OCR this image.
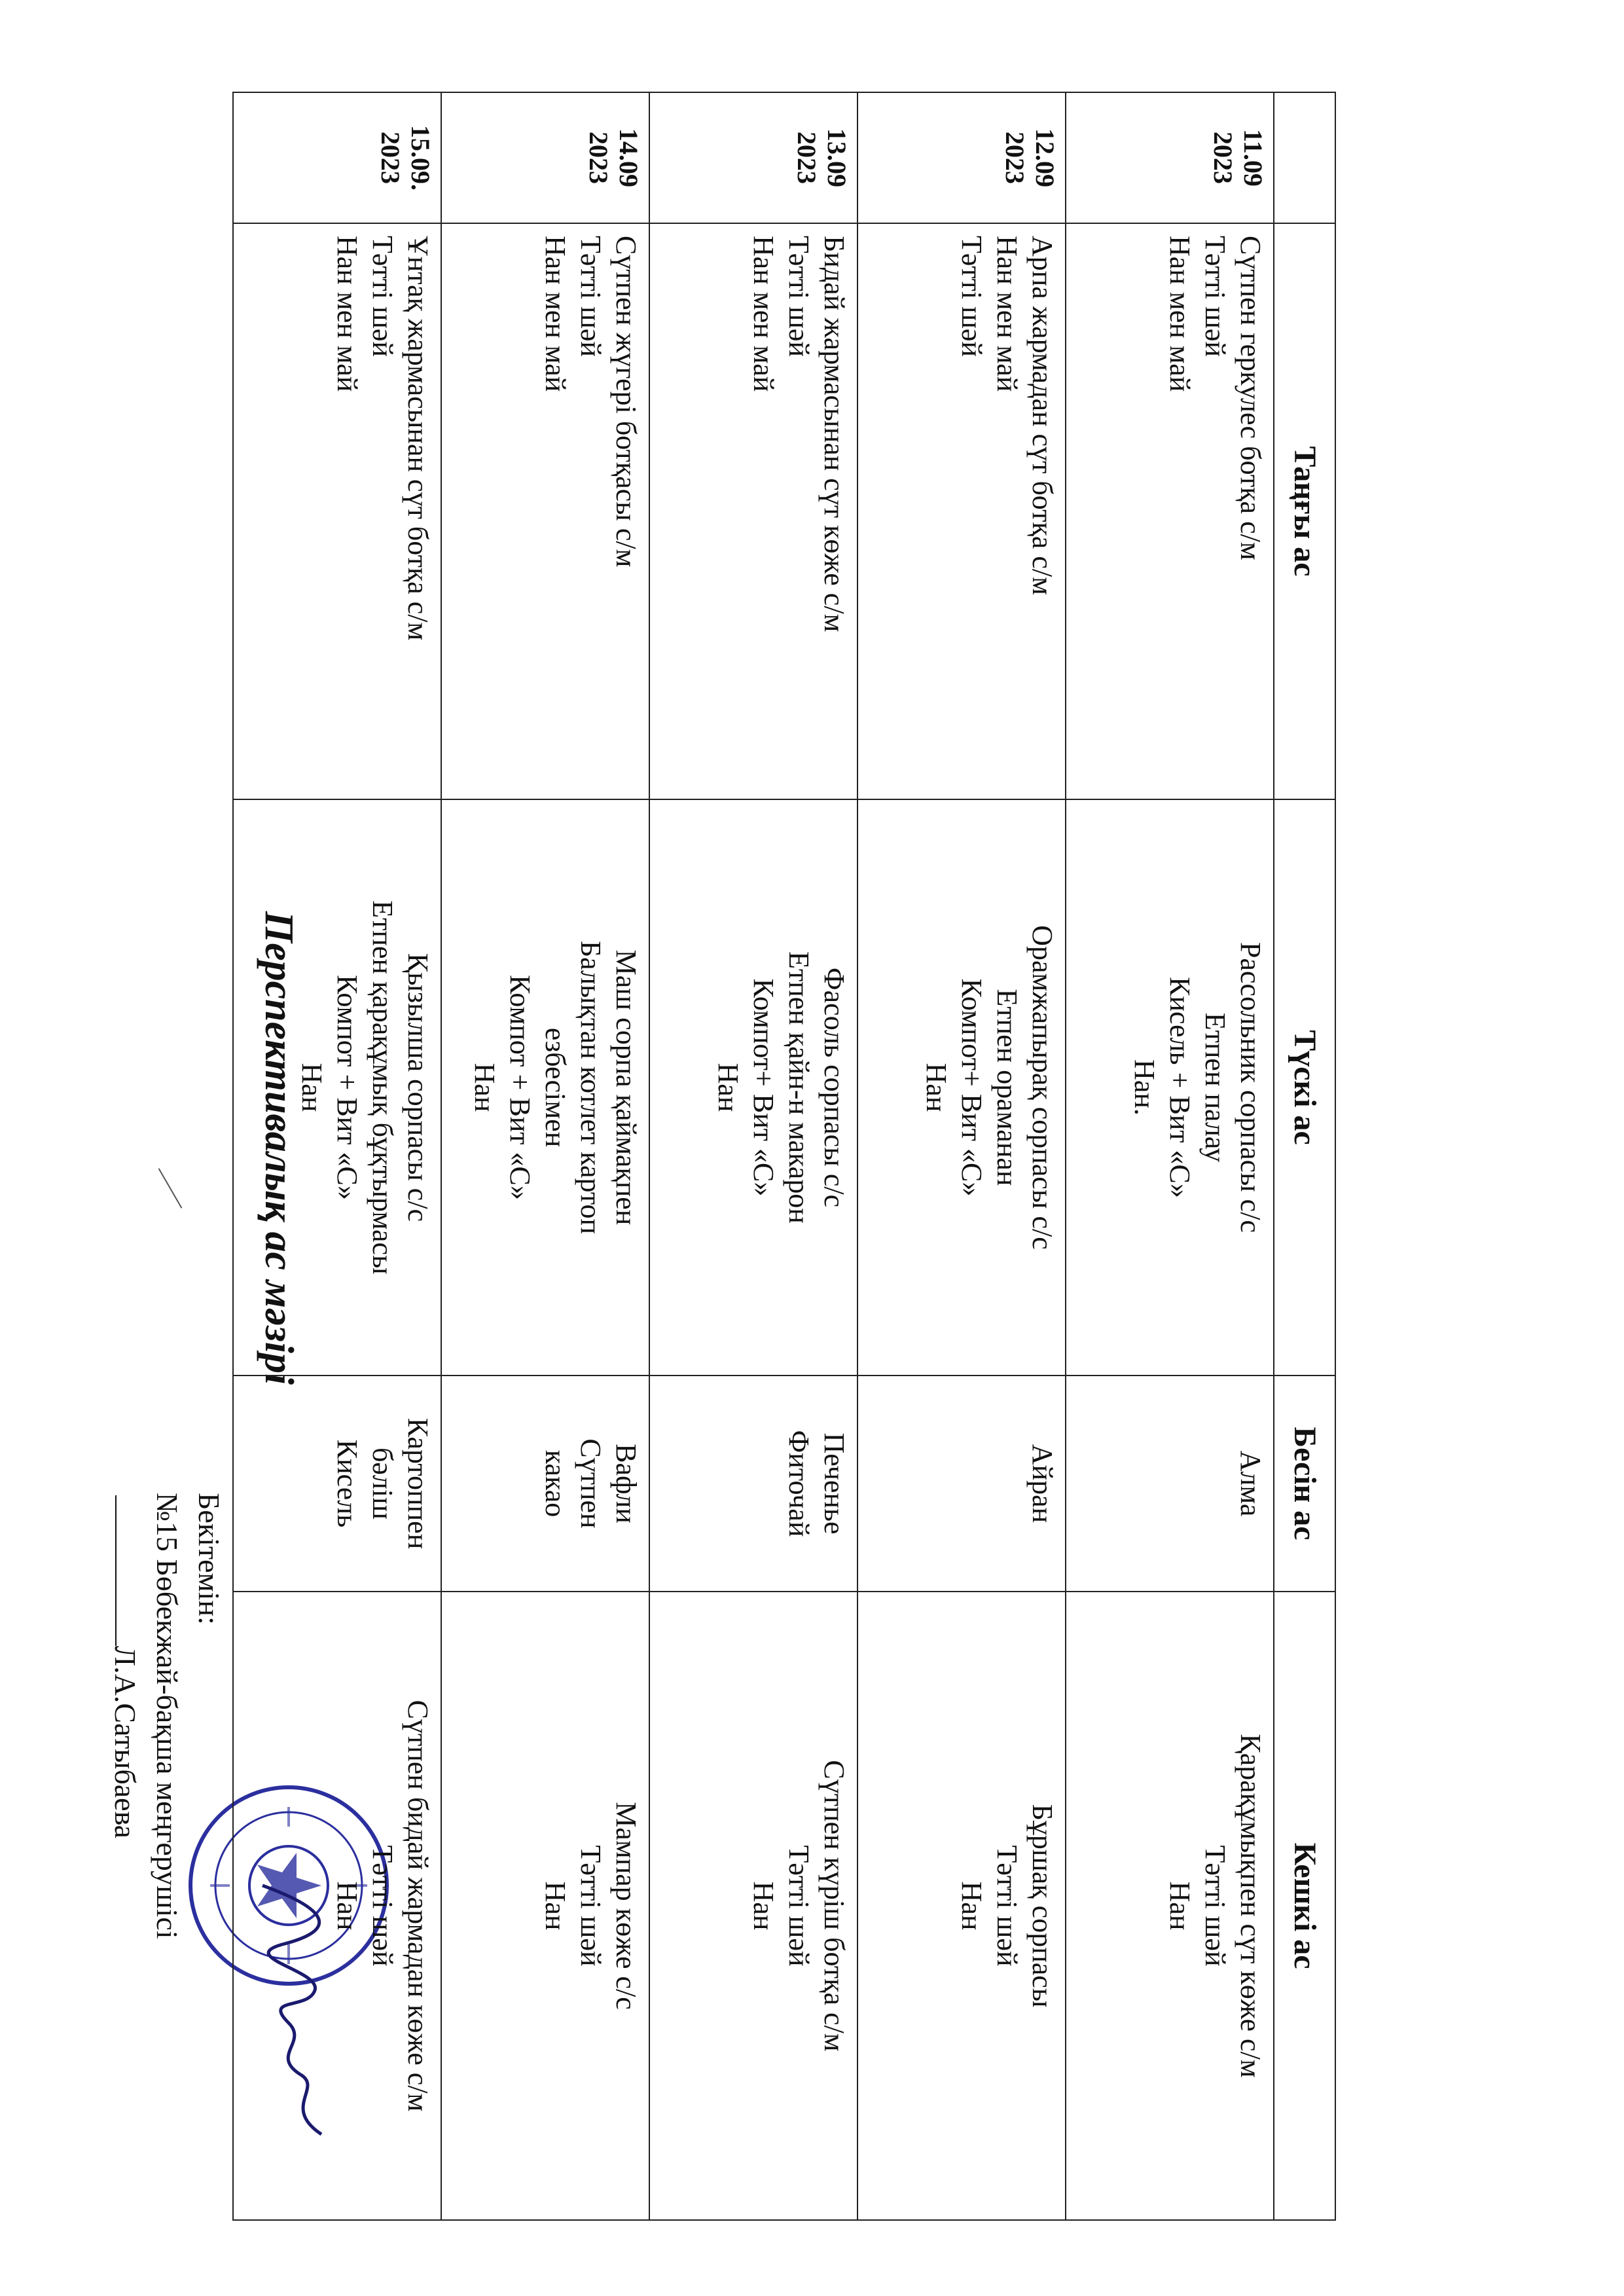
Бекітемін:
№15 Бөбекжай-бақша меңгерушісі
Л.А.Сатыбаева
Перспективалық ас мәзірі
	Таңғы ас	Түскі ас	Бесін ас	Кешкі ас

11.09
2023	Сүтпен геркулес ботқа с/м
Тәтті шәй
Нан мен май	Рассольник сорпасы с/с
Етпен палау
Кисель + Вит «С»
Нан.	Алма	Қарақұмықпен сүт көже с/м
Тәтті шәй
Нан

12.09
2023	Арпа жармадан сүт ботқа с/м
Нан мен май
Тәтті шәй	Орамжапырақ сорпасы с/с
Етпен ораманан
Компот+ Вит «С»
Нан	Айран	Бұршақ сорпасы
Тәтті шәй
Нан

13.09
2023	Бидай жармасынан сүт көже с/м
Тәтті шәй
Нан мен май	Фасоль сорпасы с/с
Етпен қайн-н макарон
Компот+ Вит «С»
Нан	Печенье
Фиточай	Сүтпен күріш ботқа с/м
Тәтті шәй
Нан

14.09
2023	Сүтпен жүгері ботқасы с/м
Тәтті шәй
Нан мен май	Маш сорпа қаймақпен
Балықтан котлет картоп
езбесімен
Компот + Вит «С»
Нан	Вафли
Сүтпен
какао	Мампар көже с/с
Тәтті шәй
Нан

15.09.
2023	Ұнтақ жармасынан сүт ботқа с/м
Тәтті шәй
Нан мен май	Қызылша сорпасы с/с
Етпен қарақұмық бұқтырмасы
Компот + Вит «С»
Нан	Картоппен
бәліш
Кисель	Сүтпен бидай жармадан көже с/м
Тәтті шәй
Нан
